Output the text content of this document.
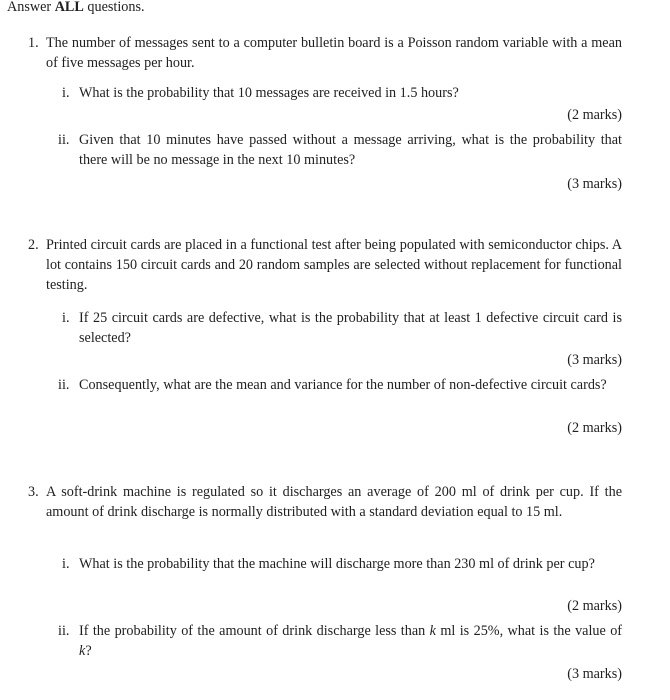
Answer ALL questions.
1. The number of messages sent to a computer bulletin board is a Poisson random variable with a mean of five messages per hour.
i. What is the probability that 10 messages are received in 1.5 hours?
(2 marks)
ii. Given that 10 minutes have passed without a message arriving, what is the probability that there will be no message in the next 10 minutes?
(3 marks)
2. Printed circuit cards are placed in a functional test after being populated with semiconductor chips. A lot contains 150 circuit cards and 20 random samples are selected without replacement for functional testing.
i. If 25 circuit cards are defective, what is the probability that at least 1 defective circuit card is selected?
(3 marks)
ii. Consequently, what are the mean and variance for the number of non-defective circuit cards?
(2 marks)
3. A soft-drink machine is regulated so it discharges an average of 200 ml of drink per cup. If the amount of drink discharge is normally distributed with a standard deviation equal to 15 ml.
i. What is the probability that the machine will discharge more than 230 ml of drink per cup?
(2 marks)
ii. If the probability of the amount of drink discharge less than k ml is 25%, what is the value of k?
(3 marks)
